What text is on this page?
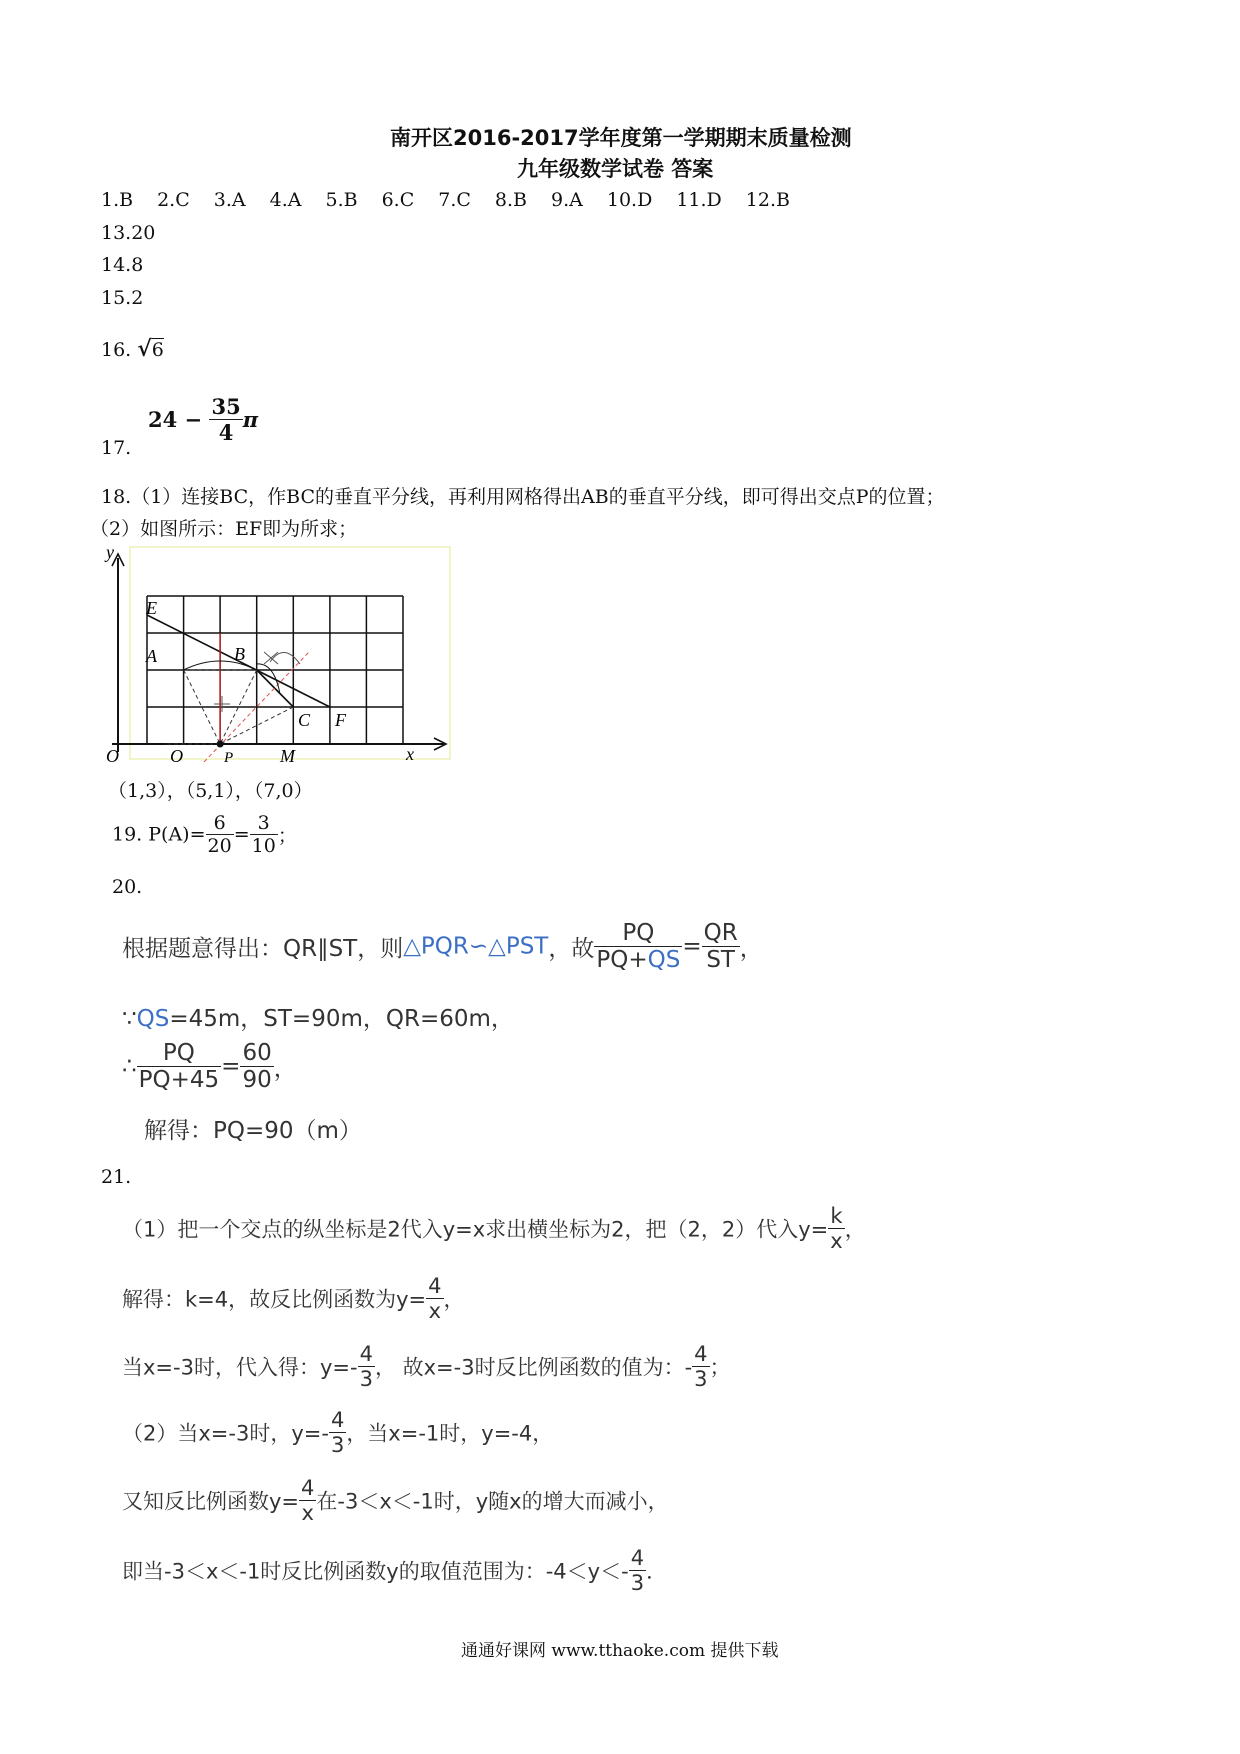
南开区2016-2017学年度第一学期期末质量检测
九年级数学试卷 答案
1.B 2.C 3.A 4.A 5.B 6.C 7.C 8.B 9.A 10.D 11.D 12.B
13.20
14.8
15.2
16. √6
17.
$24 - \frac{35}{4}$ π
18.（1）连接BC，作BC的垂直平分线，再利用网格得出AB的垂直平分线，即可得出交点P的位置；
（2）如图所示：EF即为所求；
y
x
O
E
A	B
C F
Q	P	M
（1,3），（5,1），（7,0）
19. $P(A)= \frac{6}{20} = \frac{3}{10}$ ；
20.
根据题意得出：QR∥ST，则△PQR∽△PST，故 $\frac{PQ}{PQ+QS} = \frac{QR}{ST}$ ，
∵QS=45m，ST=90m，QR=60m，
∴ $\frac{PQ}{PQ+45} = \frac{60}{90}$ ，
解得：PQ=90（m）
21.
（1）把一个交点的纵坐标是2代入y=x求出横坐标为2，把（2，2）代入$y= \frac{k}{x}$ ，
解得：k=4，故反比例函数为$y= \frac{4}{x}$ ，
当x=-3时，代入得：$y=- \frac{4}{3}$ ， 故x=-3时反比例函数的值为：- $\frac{4}{3}$ ；
（2）当x=-3时，$y=- \frac{4}{3}$ ，当x=-1时，y=-4，
又知反比例函数$y= \frac{4}{x}$ 在-3＜x＜-1时，y随x的增大而减小，
即当-3＜x＜-1时反比例函数y的取值范围为：$-4<y<- \frac{4}{3}$ ．
通通好课网 www.tthaoke.com 提供下载
